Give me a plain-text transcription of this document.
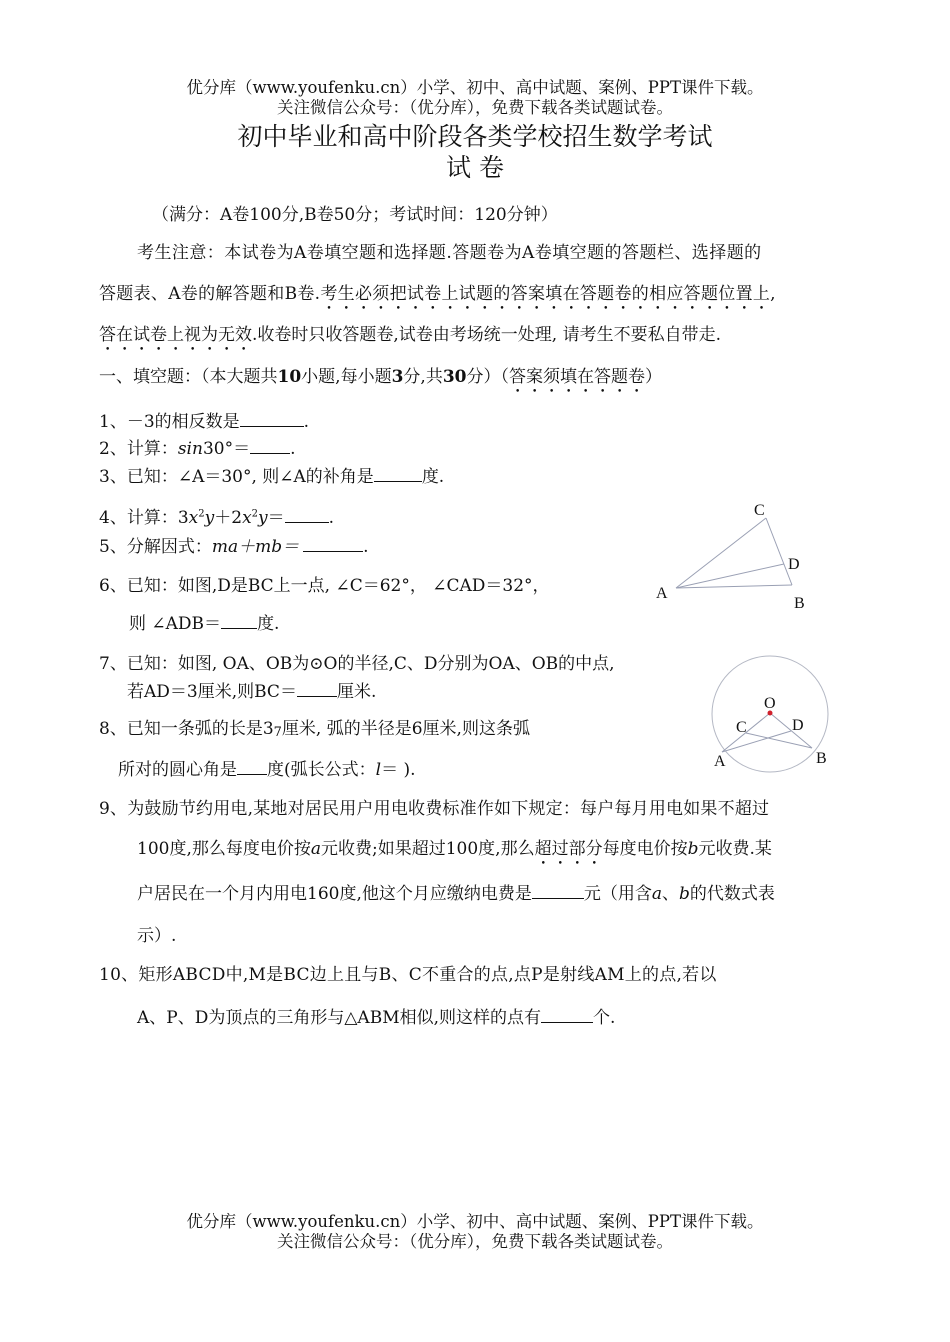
优分库（www.youfenku.cn）小学、初中、高中试题、案例、PPT课件下载。
关注微信公众号：（优分库），免费下载各类试题试卷。
初中毕业和高中阶段各类学校招生数学考试
试 卷
（满分：A卷100分,B卷50分；考试时间：120分钟）
考生注意：本试卷为A卷填空题和选择题.答题卷为A卷填空题的答题栏、选择题的
答题表、A卷的解答题和B卷.考生必须把试卷上试题的答案填在答题卷的相应答题位置上,
答在试卷上视为无效.收卷时只收答题卷,试卷由考场统一处理, 请考生不要私自带走.
一、填空题：（本大题共10小题,每小题3分,共30分）（答案须填在答题卷）
1、－3的相反数是	.
2、计算：sin30°＝ .
3、已知：∠A＝30°, 则∠A的补角是	度.
4、计算：$3x^2y+2x^2y=$	.
5、分解因式：ma＋mb＝	.
6、已知：如图,D是BC上一点, ∠C＝62°， ∠CAD＝32°，
则 ∠ADB＝ 度.
C
D
A
B
7、已知：如图, OA、OB为⊙O的半径,C、D分别为OA、OB的中点,
若AD＝3厘米,则BC＝ 厘米.
O
C	D
A	B
8、已知一条弧的长是37厘米, 弧的半径是6厘米,则这条弧
所对的圆心角是 度(弧长公式：l＝ ).
9、为鼓励节约用电,某地对居民用户用电收费标准作如下规定：每户每月用电如果不超过
100度,那么每度电价按a元收费;如果超过100度,那么超过部分每度电价按b元收费.某
户居民在一个月内用电160度,他这个月应缴纳电费是	元（用含a、b的代数式表
示）.
10、矩形ABCD中,M是BC边上且与B、C不重合的点,点P是射线AM上的点,若以
A、P、D为顶点的三角形与△ABM相似,则这样的点有	个.
优分库（www.youfenku.cn）小学、初中、高中试题、案例、PPT课件下载。
关注微信公众号：（优分库），免费下载各类试题试卷。
